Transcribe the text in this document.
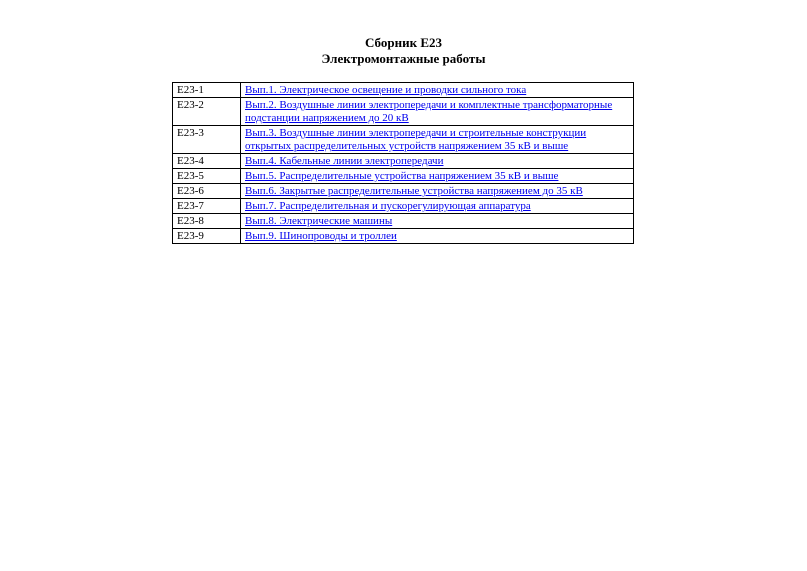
Сборник Е23
Электромонтажные работы
Е23-1	Вып.1. Электрическое освещение и проводки сильного тока
Е23-2	Вып.2. Воздушные линии электропередачи и комплектные трансформаторные подстанции напряжением до 20 кВ
Е23-3	Вып.3. Воздушные линии электропередачи и строительные конструкции открытых распределительных устройств напряжением 35 кВ и выше
Е23-4	Вып.4. Кабельные линии электропередачи
Е23-5	Вып.5. Распределительные устройства напряжением 35 кВ и выше
Е23-6	Вып.6. Закрытые распределительные устройства напряжением до 35 кВ
Е23-7	Вып.7. Распределительная и пускорегулирующая аппаратура
Е23-8	Вып.8. Электрические машины
Е23-9	Вып.9. Шинопроводы и троллеи
